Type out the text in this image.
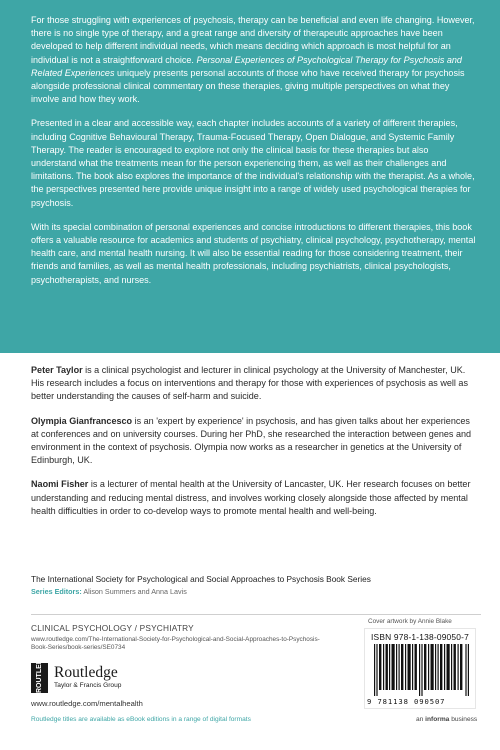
For those struggling with experiences of psychosis, therapy can be beneficial and even life changing. However, there is no single type of therapy, and a great range and diversity of therapeutic approaches have been developed to help different individual needs, which means deciding which approach is most helpful for an individual is not a straightforward choice. Personal Experiences of Psychological Therapy for Psychosis and Related Experiences uniquely presents personal accounts of those who have received therapy for psychosis alongside professional clinical commentary on these therapies, giving multiple perspectives on what they involve and how they work.

Presented in a clear and accessible way, each chapter includes accounts of a variety of different therapies, including Cognitive Behavioural Therapy, Trauma-Focused Therapy, Open Dialogue, and Systemic Family Therapy. The reader is encouraged to explore not only the clinical basis for these therapies but also understand what the treatments mean for the person experiencing them, as well as their challenges and limitations. The book also explores the importance of the individual's relationship with the therapist. As a whole, the perspectives presented here provide unique insight into a range of widely used psychological therapies for psychosis.

With its special combination of personal experiences and concise introductions to different therapies, this book offers a valuable resource for academics and students of psychiatry, clinical psychology, psychotherapy, mental health care, and mental health nursing. It will also be essential reading for those considering treatment, their friends and families, as well as mental health professionals, including psychiatrists, clinical psychologists, psychotherapists, and nurses.

Peter Taylor is a clinical psychologist and lecturer in clinical psychology at the University of Manchester, UK. His research includes a focus on interventions and therapy for those with experiences of psychosis as well as better understanding the causes of self-harm and suicide.

Olympia Gianfrancesco is an 'expert by experience' in psychosis, and has given talks about her experiences at conferences and on university courses. During her PhD, she researched the interaction between genes and environment in the context of psychosis. Olympia now works as a researcher in genetics at the University of Edinburgh, UK.

Naomi Fisher is a lecturer of mental health at the University of Lancaster, UK. Her research focuses on better understanding and reducing mental distress, and involves working closely alongside those affected by mental health difficulties in order to co-develop ways to promote mental health and well-being.

The International Society for Psychological and Social Approaches to Psychosis Book Series
Series Editors: Alison Summers and Anna Lavis
CLINICAL PSYCHOLOGY / PSYCHIATRY
www.routledge.com/The-International-Society-for-Psychological-and-Social-Approaches-to-Psychosis-Book-Series/book-series/SE0734
ROUTLEDGE Routledge
Taylor & Francis Group
www.routledge.com/mentalhealth
Routledge titles are available as eBook editions in a range of digital formats	an informa business
Cover artwork by Annie Blake
ISBN 978-1-138-09050-7
9 781138 090507
